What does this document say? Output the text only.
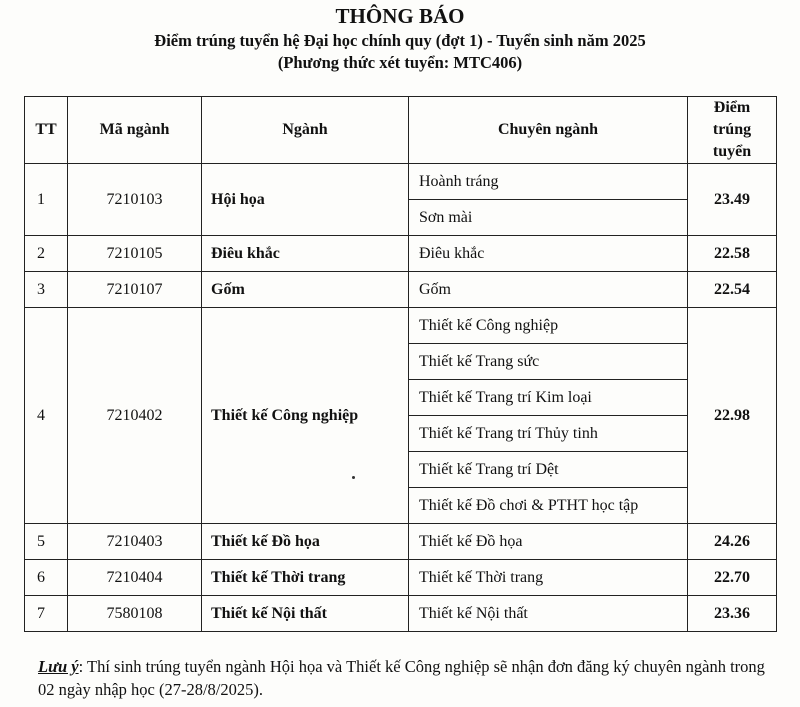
THÔNG BÁO
Điểm trúng tuyển hệ Đại học chính quy (đợt 1) - Tuyển sinh năm 2025
(Phương thức xét tuyển: MTC406)
TT	Mã ngành	Ngành	Chuyên ngành	Điểm
trúng tuyển
1	7210103	Hội họa	Hoành tráng	23.49
			Sơn mài	
2	7210105	Điêu khắc	Điêu khắc	22.58
3	7210107	Gốm	Gốm	22.54
4	7210402	Thiết kế Công nghiệp	Thiết kế Công nghiệp	22.98
			Thiết kế Trang sức	
			Thiết kế Trang trí Kim loại	
			Thiết kế Trang trí Thủy tinh	
			Thiết kế Trang trí Dệt	
			Thiết kế Đồ chơi & PTHT học tập	
5	7210403	Thiết kế Đồ họa	Thiết kế Đồ họa	24.26
6	7210404	Thiết kế Thời trang	Thiết kế Thời trang	22.70
7	7580108	Thiết kế Nội thất	Thiết kế Nội thất	23.36
Lưu ý: Thí sinh trúng tuyển ngành Hội họa và Thiết kế Công nghiệp sẽ nhận đơn đăng ký chuyên ngành trong 02 ngày nhập học (27-28/8/2025).
